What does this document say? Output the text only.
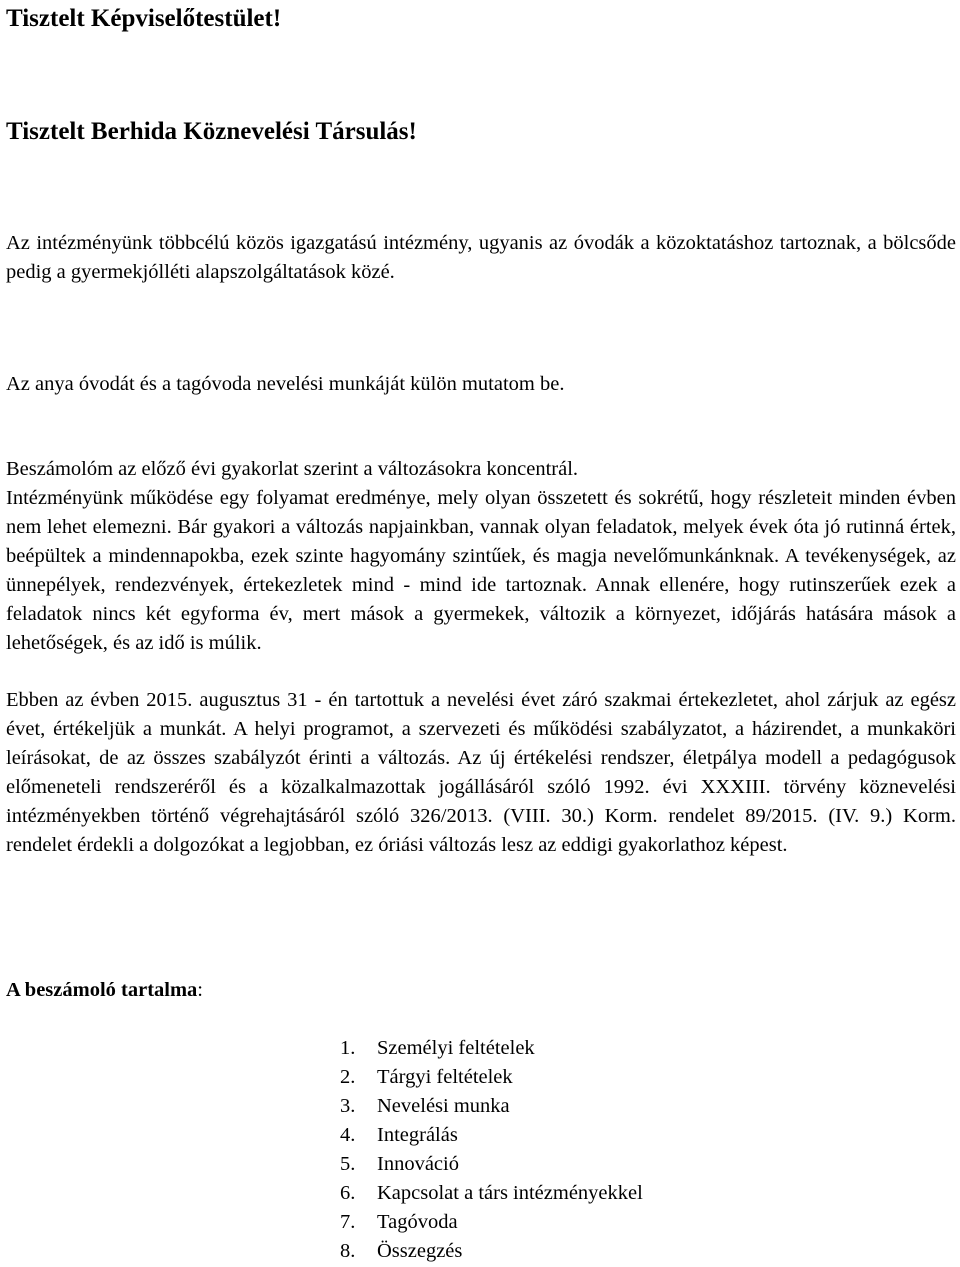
Tisztelt Képviselőtestület!
Tisztelt Berhida Köznevelési Társulás!
Az intézményünk többcélú közös igazgatású intézmény, ugyanis az óvodák a közoktatáshoz tartoznak, a bölcsőde pedig a gyermekjólléti alapszolgáltatások közé.
Az anya óvodát és a tagóvoda nevelési munkáját külön mutatom be.
Beszámolóm az előző évi gyakorlat szerint a változásokra koncentrál.
Intézményünk működése egy folyamat eredménye, mely olyan összetett és sokrétű, hogy részleteit minden évben nem lehet elemezni. Bár gyakori a változás napjainkban, vannak olyan feladatok, melyek évek óta jó rutinná értek, beépültek a mindennapokba, ezek szinte hagyomány szintűek, és magja nevelőmunkánknak. A tevékenységek, az ünnepélyek, rendezvények, értekezletek mind - mind ide tartoznak. Annak ellenére, hogy rutinszerűek ezek a feladatok nincs két egyforma év, mert mások a gyermekek, változik a környezet, időjárás hatására mások a lehetőségek, és az idő is múlik.
Ebben az évben 2015. augusztus 31 - én tartottuk a nevelési évet záró szakmai értekezletet, ahol zárjuk az egész évet, értékeljük a munkát. A helyi programot, a szervezeti és működési szabályzatot, a házirendet, a munkaköri leírásokat, de az összes szabályzót érinti a változás. Az új értékelési rendszer, életpálya modell a pedagógusok előmeneteli rendszeréről és a közalkalmazottak jogállásáról szóló 1992. évi XXXIII. törvény köznevelési intézményekben történő végrehajtásáról szóló 326/2013. (VIII. 30.) Korm. rendelet 89/2015. (IV. 9.) Korm. rendelet érdekli a dolgozókat a legjobban, ez óriási változás lesz az eddigi gyakorlathoz képest.
A beszámoló tartalma:
1. Személyi feltételek
2. Tárgyi feltételek
3. Nevelési munka
4. Integrálás
5. Innováció
6. Kapcsolat a társ intézményekkel
7. Tagóvoda
8. Összegzés
